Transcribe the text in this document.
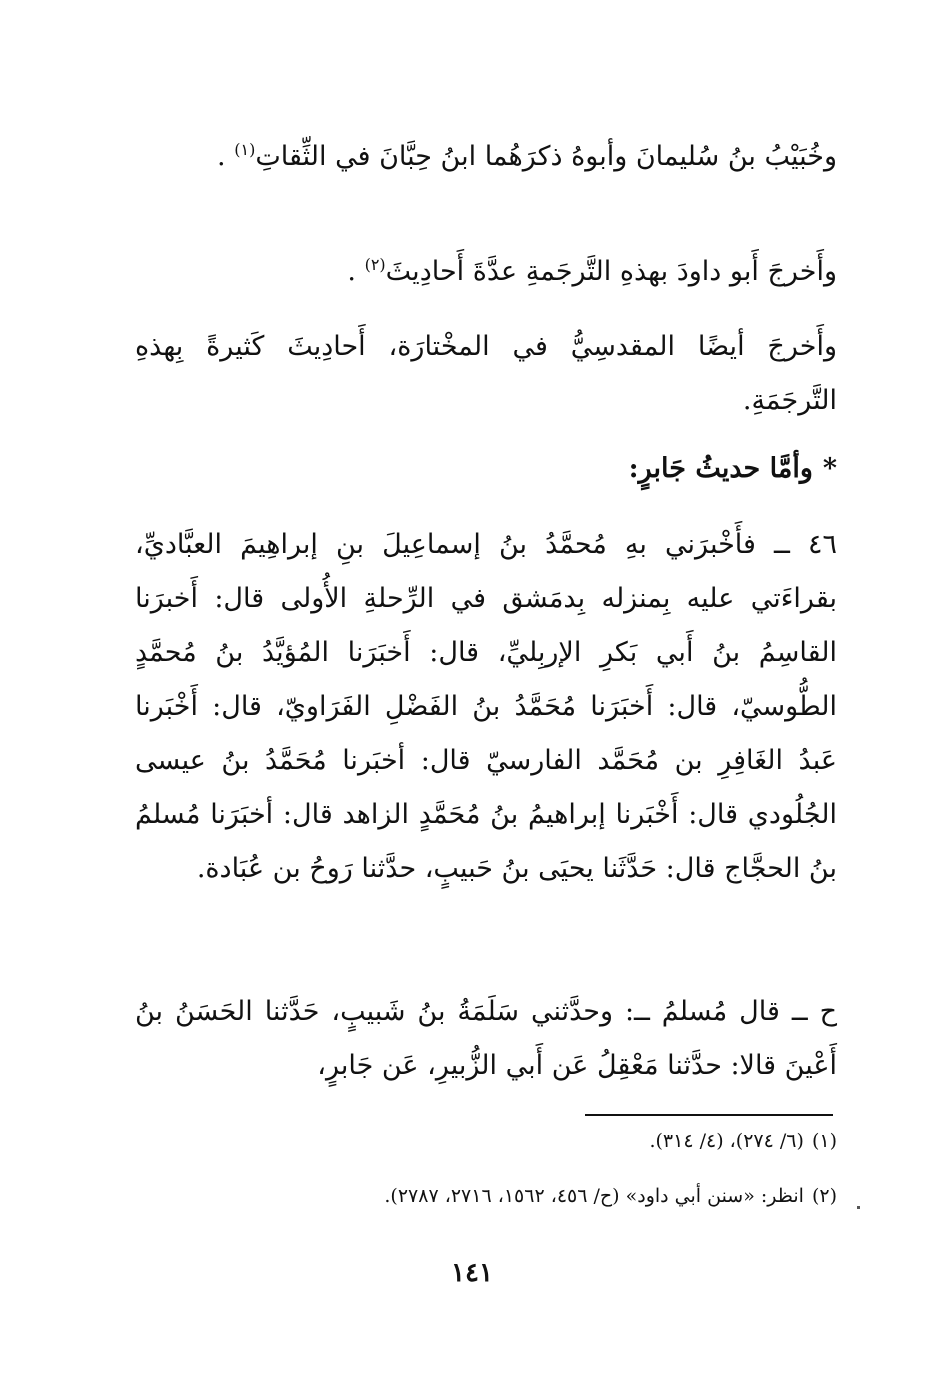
وخُبَيْبُ بنُ سُليمانَ وأبوهُ ذكرَهُما ابنُ حِبَّانَ في الثِّقاتِ$^{(١)}$ .

وأَخرجَ أَبو داودَ بهذهِ التَّرجَمةِ عدَّةَ أَحادِيثَ$^{(٢)}$ .

وأَخرجَ أيضًا المقدسِيُّ في المخْتارَة، أَحادِيثَ كَثيرةً بِهذهِ التَّرجَمَةِ.

*وأمَّا حديثُ جَابرٍ:

٤٦ ــ فأَخْبرَني بهِ مُحمَّدُ بنُ إسماعِيلَ بنِ إبراهِيمَ العبَّاديِّ، بقراءَتي عليه بِمنزله بِدمَشق في الرِّحلةِ الأُولى قال: أَخبرَنا القاسِمُ بنُ أَبي بَكرِ الإربِليِّ، قال: أَخبَرَنا المُؤيَّدُ بنُ مُحمَّدٍ الطُّوسيّ، قال: أَخبَرَنا مُحَمَّدُ بنُ الفَضْلِ الفَرَاويّ، قال: أَخْبَرنا عَبدُ الغَافِرِ بن مُحَمَّد الفارسيّ قال: أخبَرنا مُحَمَّدُ بنُ عيسى الجُلُودي قال: أَخْبَرنا إبراهيمُ بنُ مُحَمَّدٍ الزاهد قال: أخبَرَنا مُسلمُ بنُ الحجَّاج قال: حَدَّثَنا يحيَى بنُ حَبيبٍ، حدَّثنا رَوحُ بن عُبَادة.

ح ــ قال مُسلمُ ــ: وحدَّثني سَلَمَةُ بنُ شَبيبٍ، حَدَّثنا الحَسَنُ بنُ أَعْينَ قالا: حدَّثنا مَعْقِلُ عَن أَبي الزُّبيرِ، عَن جَابرٍ،

(١)(٦/ ٢٧٤)، (٤/ ٣١٤).
(٢)انظر: «سنن أبي داود» (ح/ ٤٥٦، ١٥٦٢، ٢٧١٦، ٢٧٨٧).
١٤١
